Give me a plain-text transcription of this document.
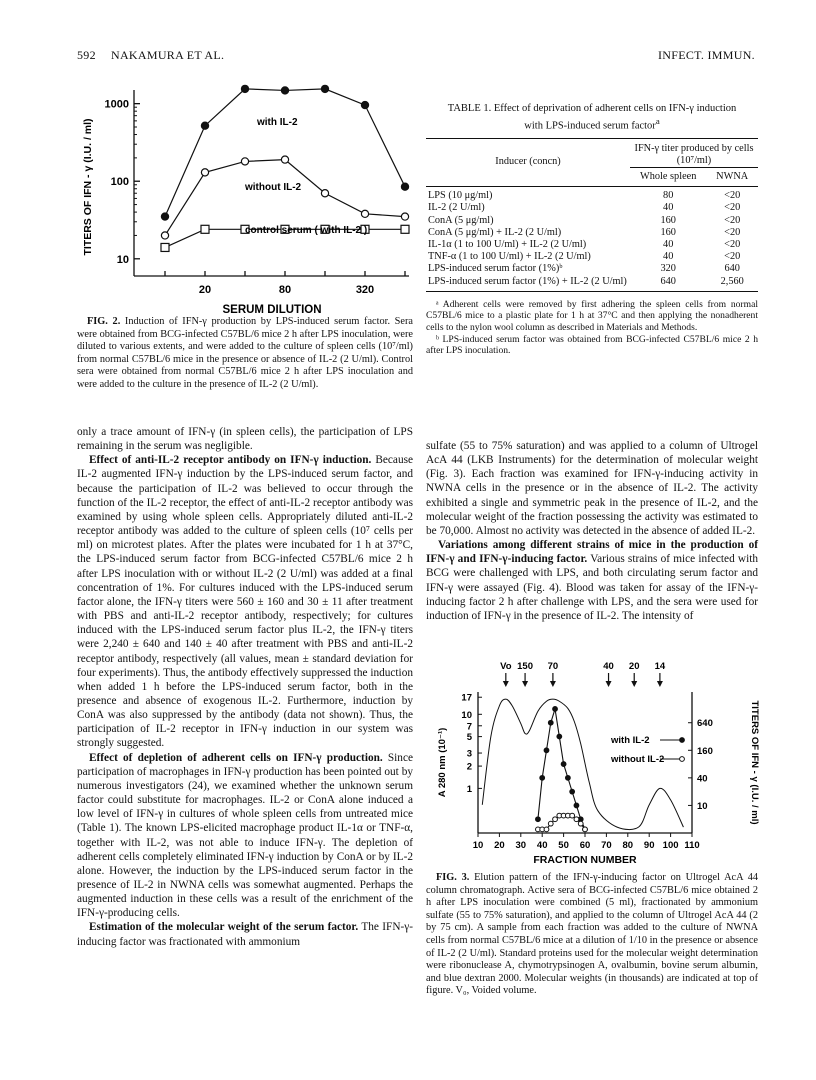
592 NAKAMURA ET AL.	INFECT. IMMUN.
1000
100
10
20	80	320
SERUM DILUTION
TITERS OF IFN - γ (I.U. / ml)	with IL-2
without IL-2
control serum ( with IL-2 )

FIG. 2. Induction of IFN-γ production by LPS-induced serum factor. Sera were obtained from BCG-infected C57BL/6 mice 2 h after LPS inoculation, were diluted to various extents, and were added to the culture of spleen cells (10⁷/ml) from normal C57BL/6 mice in the presence or absence of IL-2 (2 U/ml). Control sera were obtained from normal C57BL/6 mice 2 h after LPS inoculation and were added to the culture in the presence of IL-2 (2 U/ml).

only a trace amount of IFN-γ (in spleen cells), the participation of LPS remaining in the serum was negligible.

Effect of anti-IL-2 receptor antibody on IFN-γ induction. Because IL-2 augmented IFN-γ induction by the LPS-induced serum factor, and because the participation of IL-2 was believed to occur through the function of the IL-2 receptor, the effect of anti-IL-2 receptor antibody was examined by using whole spleen cells. Appropriately diluted anti-IL-2 receptor antibody was added to the culture of spleen cells (10⁷ cells per ml) on microtest plates. After the plates were incubated for 1 h at 37°C, the LPS-induced serum factor from BCG-infected C57BL/6 mice 2 h after LPS inoculation with or without IL-2 (2 U/ml) was added at a final concentration of 1%. For cultures induced with the LPS-induced serum factor alone, the IFN-γ titers were 560 ± 160 and 30 ± 11 after treatment with PBS and anti-IL-2 receptor antibody, respectively; for cultures induced with the LPS-induced serum factor plus IL-2, the IFN-γ titers were 2,240 ± 640 and 140 ± 40 after treatment with PBS and anti-IL-2 receptor antibody, respectively (all values, mean ± standard deviation for four experiments). Thus, the antibody effectively suppressed the induction when added 1 h before the LPS-induced serum factor, both in the presence and absence of exogenous IL-2. Furthermore, induction by ConA was also suppressed by the antibody (data not shown). Thus, the participation of IL-2 receptor in IFN-γ induction in our system was strongly suggested.

Effect of depletion of adherent cells on IFN-γ production. Since participation of macrophages in IFN-γ production has been pointed out by numerous investigators (24), we examined whether the unknown serum factor could substitute for macrophages. IL-2 or ConA alone induced a low level of IFN-γ in cultures of whole spleen cells from untreated mice (Table 1). The known LPS-elicited macrophage product IL-1α or TNF-α, together with IL-2, was not able to induce IFN-γ. The depletion of adherent cells completely eliminated IFN-γ induction by ConA or by IL-2 alone. However, the induction by the LPS-induced serum factor in the presence of IL-2 in NWNA cells was somewhat augmented. Perhaps the augmented induction in these cells was a result of the enrichment of the IFN-γ-producing cells.

Estimation of the molecular weight of the serum factor. The IFN-γ-inducing factor was fractionated with ammonium

TABLE 1. Effect of deprivation of adherent cells on IFN-γ induction with LPS-induced serum factor$^a$
Inducer (concn)	IFN-γ titer produced by cells (10⁷/ml)	
	Whole spleen	NWNA

LPS (10 μg/ml)	80	<20
IL-2 (2 U/ml)	40	<20
ConA (5 μg/ml)	160	<20
ConA (5 μg/ml) + IL-2 (2 U/ml)	160	<20
IL-1α (1 to 100 U/ml) + IL-2 (2 U/ml)	40	<20
TNF-α (1 to 100 U/ml) + IL-2 (2 U/ml)	40	<20
LPS-induced serum factor (1%)ᵇ	320	640
LPS-induced serum factor (1%) + IL-2 (2 U/ml)	640	2,560

ᵃ Adherent cells were removed by first adhering the spleen cells from normal C57BL/6 mice to a plastic plate for 1 h at 37°C and then applying the nonadherent cells to the nylon wool column as described in Materials and Methods.

ᵇ LPS-induced serum factor was obtained from BCG-infected C57BL/6 mice 2 h after LPS inoculation.

sulfate (55 to 75% saturation) and was applied to a column of Ultrogel AcA 44 (LKB Instruments) for the determination of molecular weight (Fig. 3). Each fraction was examined for IFN-γ-inducing activity in NWNA cells in the presence or in the absence of IL-2. The activity exhibited a single and symmetric peak in the presence of IL-2, and the molecular weight of the fraction possessing the activity was estimated to be 70,000. Almost no activity was detected in the absence of added IL-2.

Variations among different strains of mice in the production of IFN-γ and IFN-γ-inducing factor. Various strains of mice infected with BCG were challenged with LPS, and both circulating serum factor and IFN-γ were assayed (Fig. 4). Blood was taken for assay of the IFN-γ-inducing factor 2 h after challenge with LPS, and the sera were used for induction of IFN-γ in the presence of IL-2. The intensity of

10 20 30 40 50 60 70 80 90 100 110
FRACTION NUMBER
17
10
7
5
3
2
1
A 280 nm (10⁻¹)
640
160
40
10	TITERS OF IFN - γ (I.U. / ml)
Vo 150 70	40 20 14
with IL-2
without IL-2

FIG. 3. Elution pattern of the IFN-γ-inducing factor on Ultrogel AcA 44 column chromatograph. Active sera of BCG-infected C57BL/6 mice obtained 2 h after LPS inoculation were combined (5 ml), fractionated by ammonium sulfate (55 to 75% saturation), and applied to the column of Ultrogel AcA 44 (2 by 75 cm). A sample from each fraction was added to the culture of NWNA cells from normal C57BL/6 mice at a dilution of 1/10 in the presence or absence of IL-2 (2 U/ml). Standard proteins used for the molecular weight determination were ribonuclease A, chymotrypsinogen A, ovalbumin, bovine serum albumin, and blue dextran 2000. Molecular weights (in thousands) are indicated at top of figure. V₀, Voided volume.
